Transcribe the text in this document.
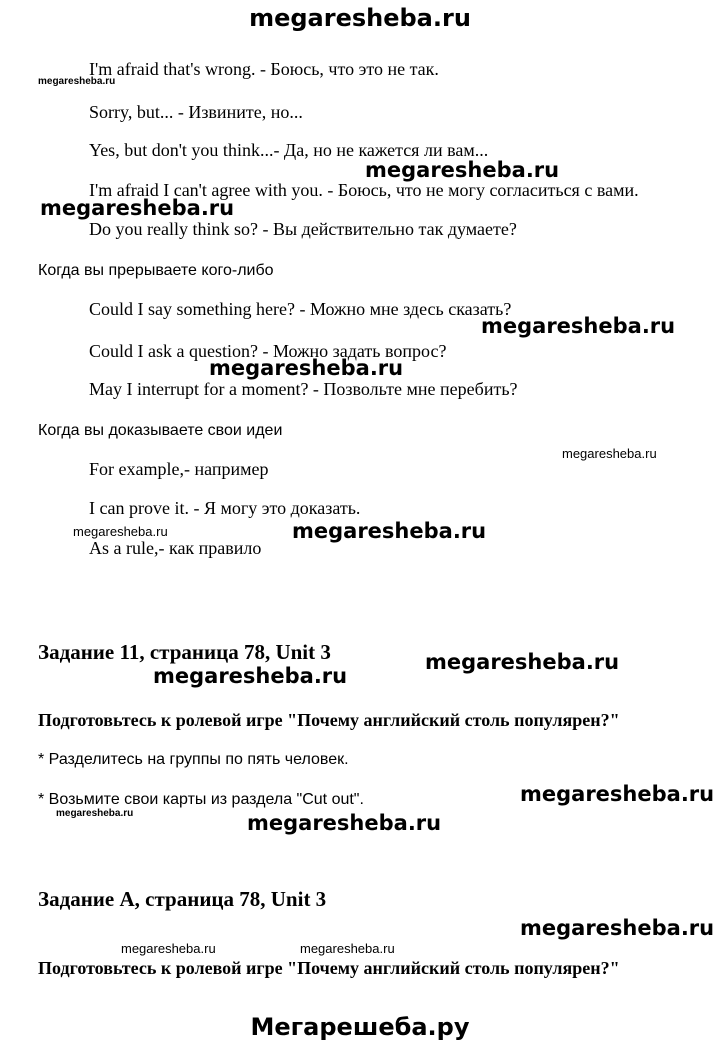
megaresheba.ru
I'm afraid that's wrong. - Боюсь, что это не так.
Sorry, but... - Извините, но...
Yes, but don't you think...- Да, но не кажется ли вам...
I'm afraid I can't agree with you. - Боюсь, что не могу согласиться с вами.
Do you really think so? - Вы действительно так думаете?
Когда вы прерываете кого-либо
Could I say something here? - Можно мне здесь сказать?
Could I ask a question? - Можно задать вопрос?
May I interrupt for a moment? - Позвольте мне перебить?
Когда вы доказываете свои идеи
For example,- например
I can prove it. - Я могу это доказать.
As a rule,- как правило
Задание 11, страница 78, Unit 3
Подготовьтесь к ролевой игре "Почему английский столь популярен?"
* Разделитесь на группы по пять человек.
* Возьмите свои карты из раздела "Cut out".
Задание A, страница 78, Unit 3
Подготовьтесь к ролевой игре "Почему английский столь популярен?"
megaresheba.ru
megaresheba.ru
megaresheba.ru
megaresheba.ru
megaresheba.ru
megaresheba.ru
megaresheba.ru	megaresheba.ru
megaresheba.ru
megaresheba.ru
megaresheba.ru
megaresheba.ru	megaresheba.ru
megaresheba.ru
megaresheba.ru	megaresheba.ru
Мегарешеба.ру
